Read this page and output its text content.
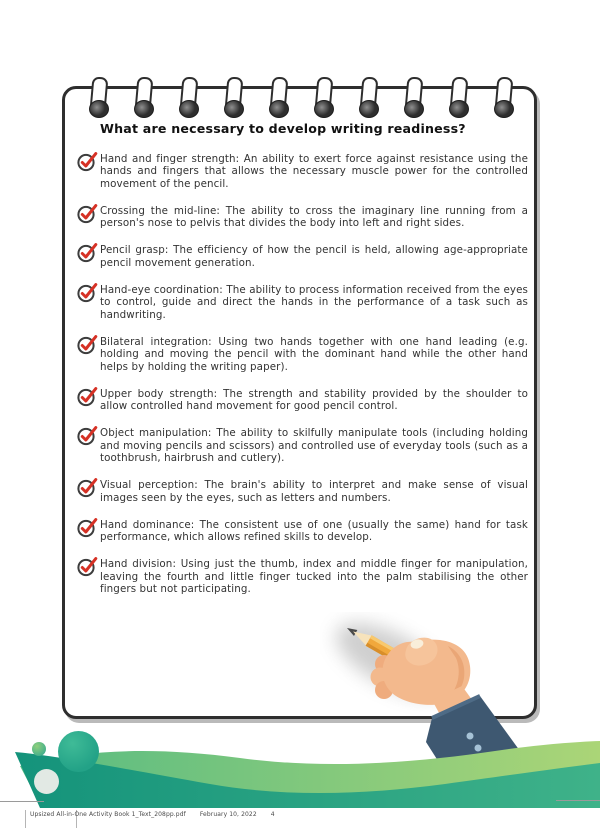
What are necessary to develop writing readiness?
Hand and finger strength: An ability to exert force against resistance using the hands and fingers that allows the necessary muscle power for the controlled movement of the pencil.
Crossing the mid-line: The ability to cross the imaginary line running from a person's nose to pelvis that divides the body into left and right sides.
Pencil grasp: The efficiency of how the pencil is held, allowing age-appropriate pencil movement generation.
Hand-eye coordination: The ability to process information received from the eyes to control, guide and direct the hands in the performance of a task such as handwriting.
Bilateral integration: Using two hands together with one hand leading (e.g. holding and moving the pencil with the dominant hand while the other hand helps by holding the writing paper).
Upper body strength: The strength and stability provided by the shoulder to allow controlled hand movement for good pencil control.
Object manipulation: The ability to skilfully manipulate tools (including holding and moving pencils and scissors) and controlled use of everyday tools (such as a toothbrush, hairbrush and cutlery).
Visual perception: The brain's ability to interpret and make sense of visual images seen by the eyes, such as letters and numbers.
Hand dominance: The consistent use of one (usually the same) hand for task performance, which allows refined skills to develop.
Hand division: Using just the thumb, index and middle finger for manipulation, leaving the fourth and little finger tucked into the palm stabilising the other fingers but not participating.
Upsized All-in-One Activity Book 1_Text_208pp.pdf February 10, 2022 4
